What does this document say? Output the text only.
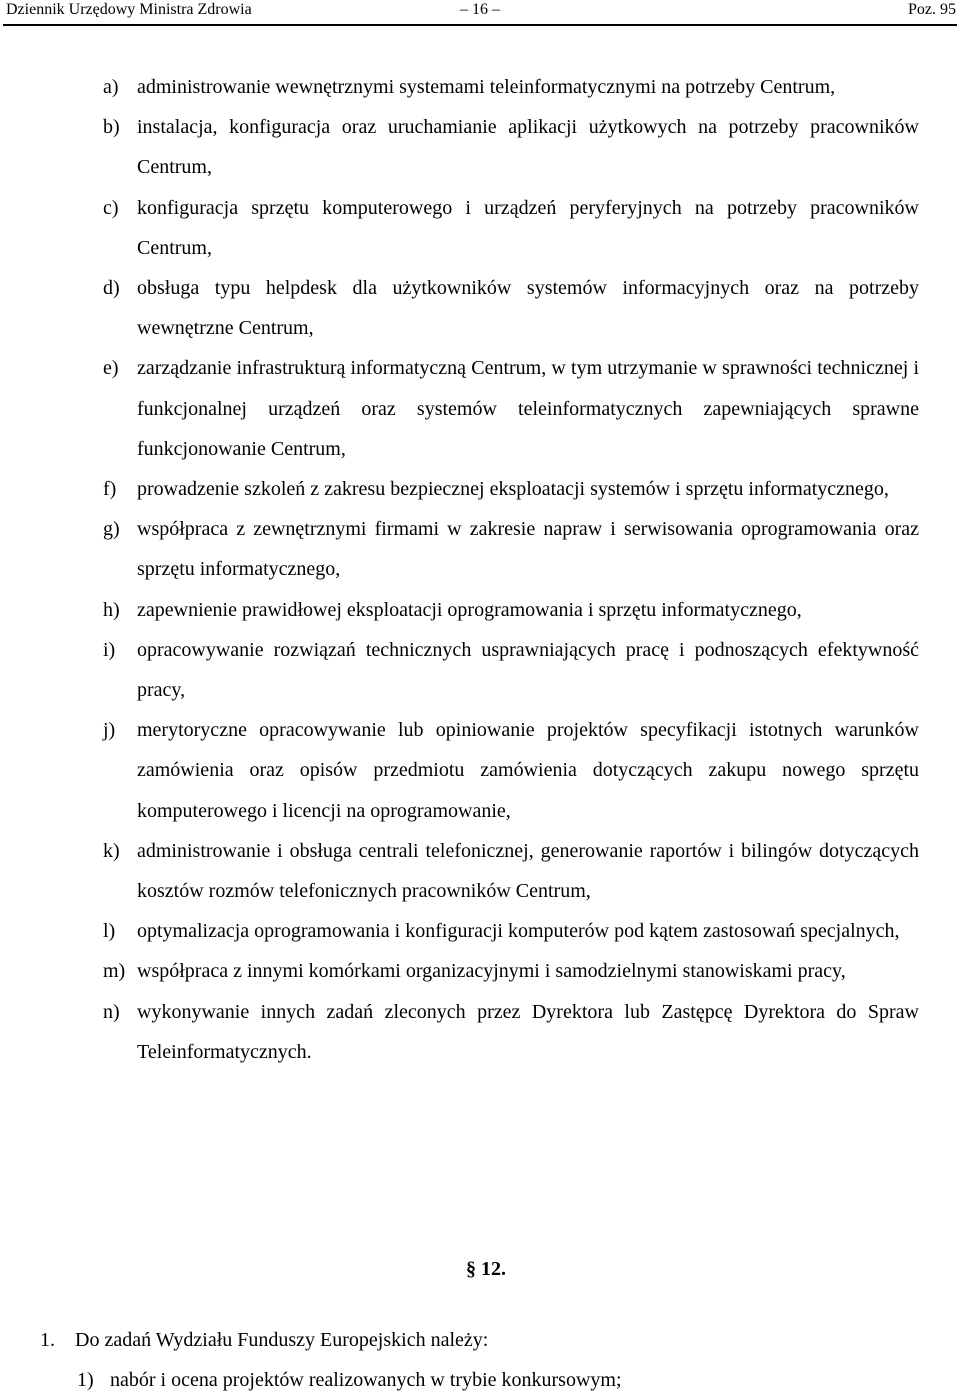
Dziennik Urzędowy Ministra Zdrowia	– 16 –	Poz. 95
a) administrowanie wewnętrznymi systemami teleinformatycznymi na potrzeby Centrum,
b) instalacja, konfiguracja oraz uruchamianie aplikacji użytkowych na potrzeby pracowników Centrum,
c) konfiguracja sprzętu komputerowego i urządzeń peryferyjnych na potrzeby pracowników Centrum,
d) obsługa typu helpdesk dla użytkowników systemów informacyjnych oraz na potrzeby wewnętrzne Centrum,
e) zarządzanie infrastrukturą informatyczną Centrum, w tym utrzymanie w sprawności technicznej i funkcjonalnej urządzeń oraz systemów teleinformatycznych zapewniających sprawne funkcjonowanie Centrum,
f) prowadzenie szkoleń z zakresu bezpiecznej eksploatacji systemów i sprzętu informatycznego,
g) współpraca z zewnętrznymi firmami w zakresie napraw i serwisowania oprogramowania oraz sprzętu informatycznego,
h) zapewnienie prawidłowej eksploatacji oprogramowania i sprzętu informatycznego,
i) opracowywanie rozwiązań technicznych usprawniających pracę i podnoszących efektywność pracy,
j) merytoryczne opracowywanie lub opiniowanie projektów specyfikacji istotnych warunków zamówienia oraz opisów przedmiotu zamówienia dotyczących zakupu nowego sprzętu komputerowego i licencji na oprogramowanie,
k) administrowanie i obsługa centrali telefonicznej, generowanie raportów i bilingów dotyczących kosztów rozmów telefonicznych pracowników Centrum,
l) optymalizacja oprogramowania i konfiguracji komputerów pod kątem zastosowań specjalnych,
m) współpraca z innymi komórkami organizacyjnymi i samodzielnymi stanowiskami pracy,
n) wykonywanie innych zadań zleconych przez Dyrektora lub Zastępcę Dyrektora do Spraw Teleinformatycznych.
§ 12.
1. Do zadań Wydziału Funduszy Europejskich należy:
1) nabór i ocena projektów realizowanych w trybie konkursowym;
